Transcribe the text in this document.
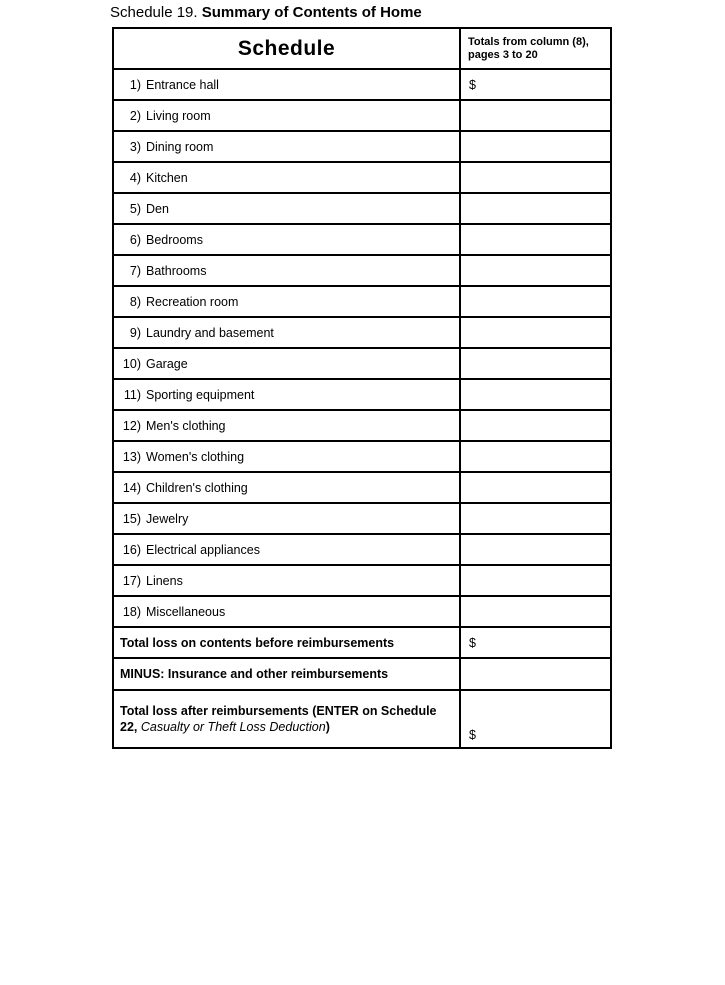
Schedule 19. Summary of Contents of Home
Schedule	Totals from column (8), pages 3 to 20
1) Entrance hall	$
2) Living room	
3) Dining room	
4) Kitchen	
5) Den	
6) Bedrooms	
7) Bathrooms	
8) Recreation room	
9) Laundry and basement	
10) Garage	
11) Sporting equipment	
12) Men's clothing	
13) Women's clothing	
14) Children's clothing	
15) Jewelry	
16) Electrical appliances	
17) Linens	
18) Miscellaneous	
Total loss on contents before reimbursements	$
MINUS: Insurance and other reimbursements	
Total loss after reimbursements (ENTER on Schedule 22, Casualty or Theft Loss Deduction)	$
